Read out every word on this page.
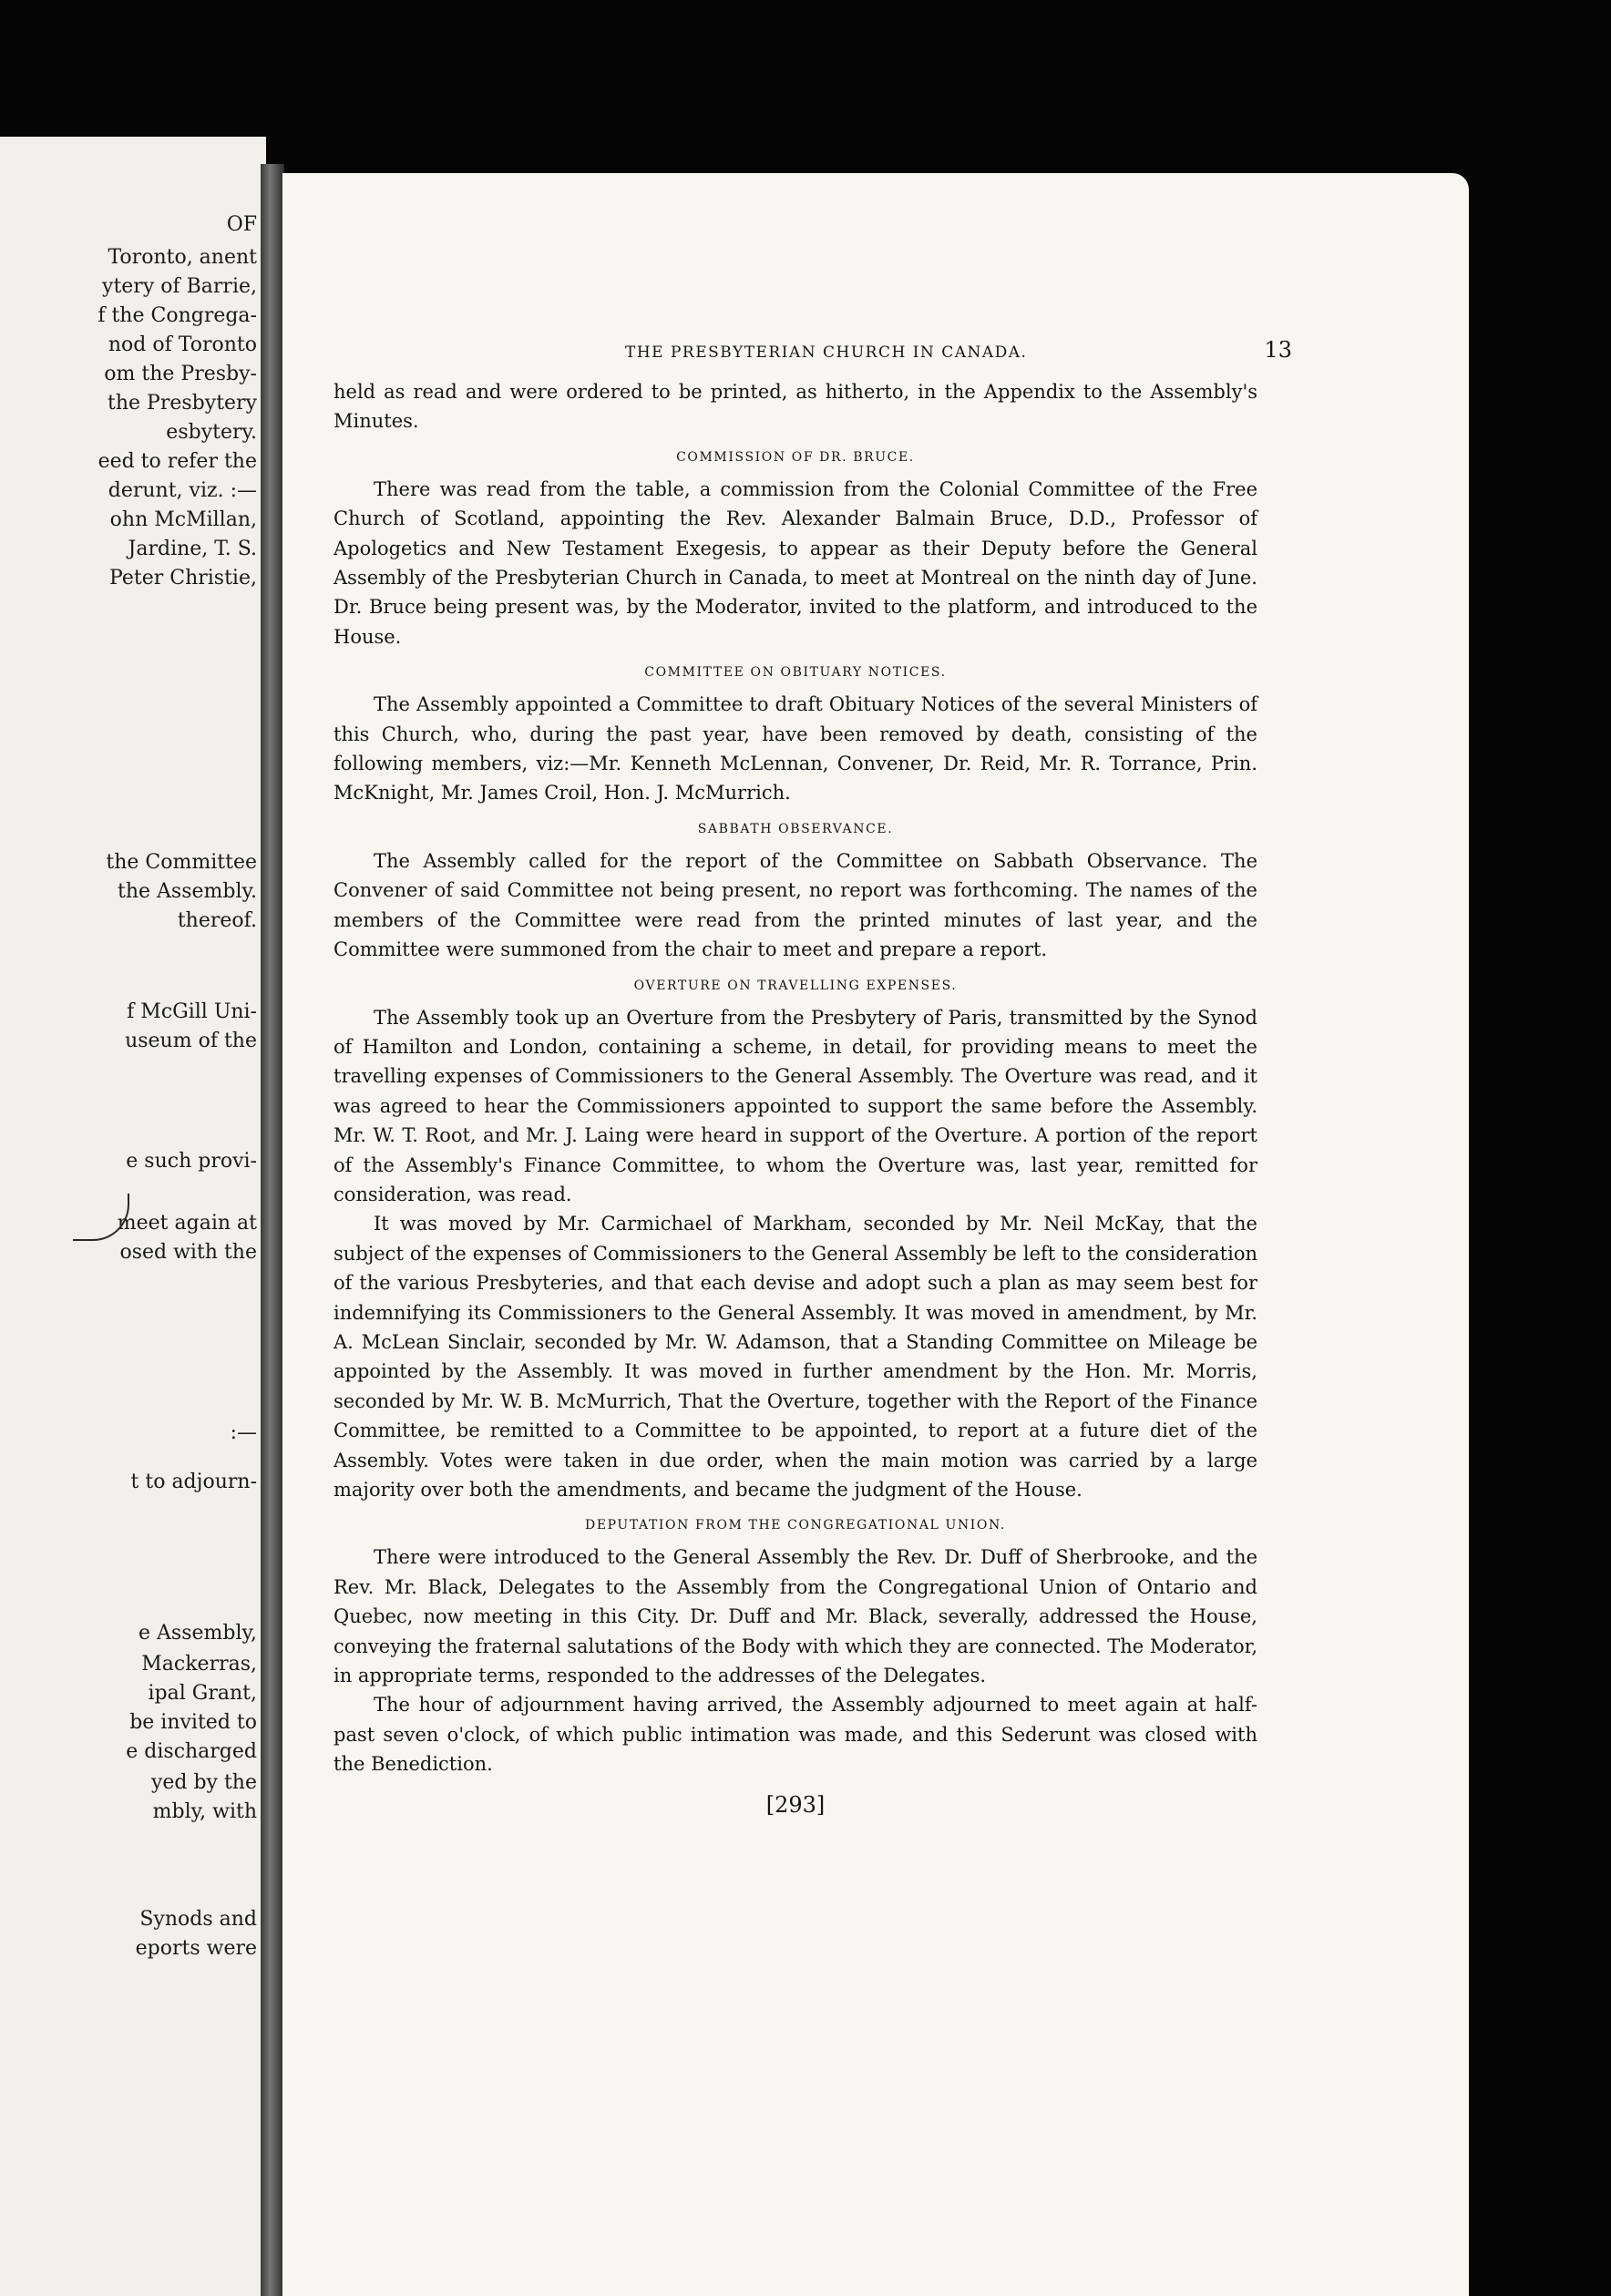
OF
Toronto, anent
ytery of Barrie,
f the Congrega-
nod of Toronto
om the Presby-
the Presbytery
esbytery.
eed to refer the
derunt, viz. :—
ohn McMillan,
Jardine, T. S.
Peter Christie,
the Committee
the Assembly.
thereof.
f McGill Uni-
useum of the
e such provi-
meet again at
osed with the
:—
t to adjourn-
e Assembly,
Mackerras,
ipal Grant,
be invited to
e discharged
yed by the
mbly, with
Synods and
eports were
THE PRESBYTERIAN CHURCH IN CANADA.	13

held as read and were ordered to be printed, as hitherto, in the Appendix to the Assembly's Minutes.

COMMISSION OF DR. BRUCE.

There was read from the table, a commission from the Colonial Committee of the Free Church of Scotland, appointing the Rev. Alexander Balmain Bruce, D.D., Professor of Apologetics and New Testament Exegesis, to appear as their Deputy before the General Assembly of the Presbyterian Church in Canada, to meet at Montreal on the ninth day of June. Dr. Bruce being present was, by the Moderator, invited to the platform, and introduced to the House.

COMMITTEE ON OBITUARY NOTICES.

The Assembly appointed a Committee to draft Obituary Notices of the several Ministers of this Church, who, during the past year, have been removed by death, consisting of the following members, viz:—Mr. Kenneth McLennan, Convener, Dr. Reid, Mr. R. Torrance, Prin. McKnight, Mr. James Croil, Hon. J. McMurrich.

SABBATH OBSERVANCE.

The Assembly called for the report of the Committee on Sabbath Observance. The Convener of said Committee not being present, no report was forthcoming. The names of the members of the Committee were read from the printed minutes of last year, and the Committee were summoned from the chair to meet and prepare a report.

OVERTURE ON TRAVELLING EXPENSES.

The Assembly took up an Overture from the Presbytery of Paris, transmitted by the Synod of Hamilton and London, containing a scheme, in detail, for providing means to meet the travelling expenses of Commissioners to the General Assembly. The Overture was read, and it was agreed to hear the Commissioners appointed to support the same before the Assembly. Mr. W. T. Root, and Mr. J. Laing were heard in support of the Overture. A portion of the report of the Assembly's Finance Committee, to whom the Overture was, last year, remitted for consideration, was read.

It was moved by Mr. Carmichael of Markham, seconded by Mr. Neil McKay, that the subject of the expenses of Commissioners to the General Assembly be left to the consideration of the various Presbyteries, and that each devise and adopt such a plan as may seem best for indemnifying its Commissioners to the General Assembly. It was moved in amendment, by Mr. A. McLean Sinclair, seconded by Mr. W. Adamson, that a Standing Committee on Mileage be appointed by the Assembly. It was moved in further amendment by the Hon. Mr. Morris, seconded by Mr. W. B. McMurrich, That the Overture, together with the Report of the Finance Committee, be remitted to a Committee to be appointed, to report at a future diet of the Assembly. Votes were taken in due order, when the main motion was carried by a large majority over both the amendments, and became the judgment of the House.

DEPUTATION FROM THE CONGREGATIONAL UNION.

There were introduced to the General Assembly the Rev. Dr. Duff of Sherbrooke, and the Rev. Mr. Black, Delegates to the Assembly from the Congregational Union of Ontario and Quebec, now meeting in this City. Dr. Duff and Mr. Black, severally, addressed the House, conveying the fraternal salutations of the Body with which they are connected. The Moderator, in appropriate terms, responded to the addresses of the Delegates.

The hour of adjournment having arrived, the Assembly adjourned to meet again at half-past seven o'clock, of which public intimation was made, and this Sederunt was closed with the Benediction.

[293]
